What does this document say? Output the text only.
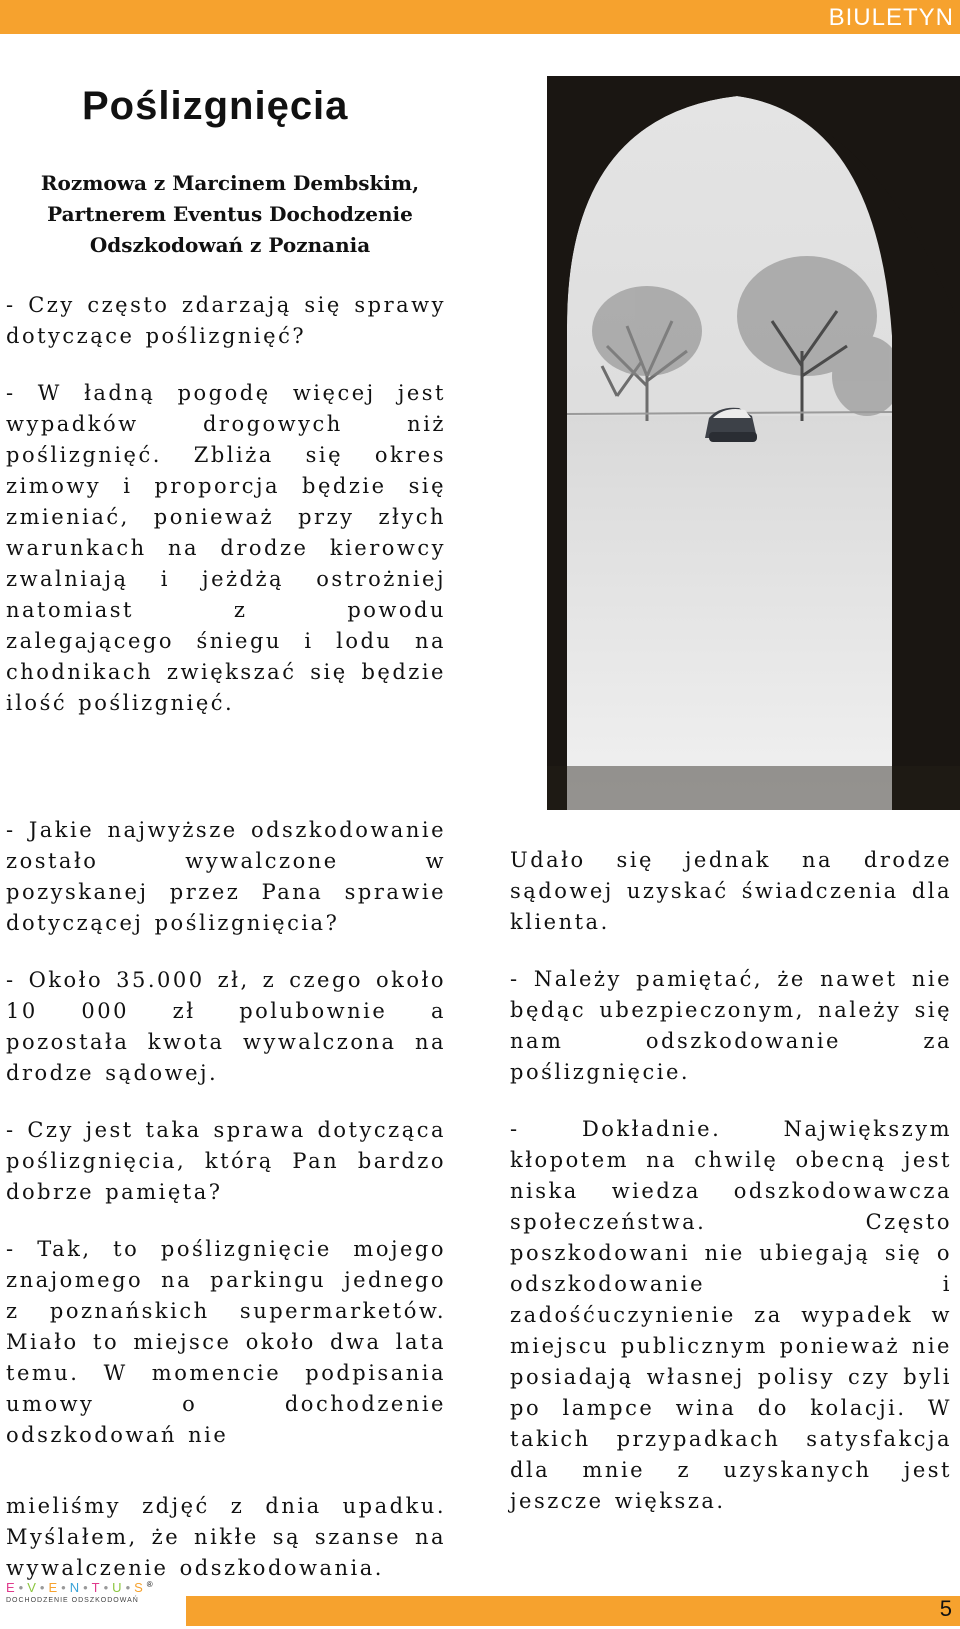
BIULETYN
Poślizgnięcia

Rozmowa z Marcinem Dembskim, Partnerem Eventus Dochodzenie Odszkodowań z Poznania

- Czy często zdarzają się sprawy dotyczące poślizgnięć?

- W ładną pogodę więcej jest wypadków drogowych niż poślizgnięć. Zbliża się okres zimowy i proporcja będzie się zmieniać, ponieważ przy złych warunkach na drodze kierowcy zwalniają i jeżdżą ostrożniej natomiast z powodu zalegającego śniegu i lodu na chodnikach zwiększać się będzie ilość poślizgnięć.

- Jakie najwyższe odszkodowanie zostało wywalczone w pozyskanej przez Pana sprawie dotyczącej poślizgnięcia?

- Około 35.000 zł, z czego około 10 000 zł polubownie a pozostała kwota wywalczona na drodze sądowej.

- Czy jest taka sprawa dotycząca poślizgnięcia, którą Pan bardzo dobrze pamięta?

- Tak, to poślizgnięcie mojego znajomego na parkingu jednego z poznańskich supermarketów. Miało to miejsce około dwa lata temu. W momencie podpisania umowy o dochodzenie odszkodowań nie

mieliśmy zdjęć z dnia upadku. Myślałem, że nikłe są szanse na wywalczenie odszkodowania.

Udało się jednak na drodze sądowej uzyskać świadczenia dla klienta.

- Należy pamiętać, że nawet nie będąc ubezpieczonym, należy się nam odszkodowanie za poślizgnięcie.

- Dokładnie. Największym kłopotem na chwilę obecną jest niska wiedza odszkodowawcza społeczeństwa. Często poszkodowani nie ubiegają się o odszkodowanie i zadośćuczynienie za wypadek w miejscu publicznym ponieważ nie posiadają własnej polisy czy byli po lampce wina do kolacji. W takich przypadkach satysfakcja dla mnie z uzyskanych jest jeszcze większa.

E • V • E • N • T • U • S ®
DOCHODZENIE ODSZKODOWAŃ	5
